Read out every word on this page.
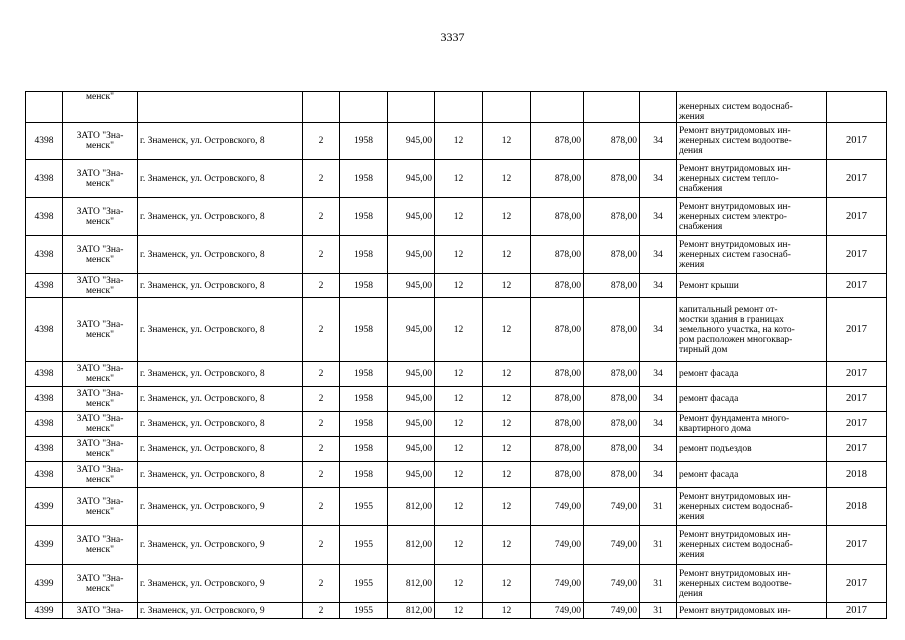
3337
	менск"										женерных систем водоснаб-
жения	
4398	ЗАТО "Зна-
менск"	г. Знаменск, ул. Островского, 8	2	1958	945,00	12	12	878,00	878,00	34	Ремонт внутридомовых ин-
женерных систем водоотве-
дения	2017
4398	ЗАТО "Зна-
менск"	г. Знаменск, ул. Островского, 8	2	1958	945,00	12	12	878,00	878,00	34	Ремонт внутридомовых ин-
женерных систем тепло-
снабжения	2017
4398	ЗАТО "Зна-
менск"	г. Знаменск, ул. Островского, 8	2	1958	945,00	12	12	878,00	878,00	34	Ремонт внутридомовых ин-
женерных систем электро-
снабжения	2017
4398	ЗАТО "Зна-
менск"	г. Знаменск, ул. Островского, 8	2	1958	945,00	12	12	878,00	878,00	34	Ремонт внутридомовых ин-
женерных систем газоснаб-
жения	2017
4398	ЗАТО "Зна-
менск"	г. Знаменск, ул. Островского, 8	2	1958	945,00	12	12	878,00	878,00	34	Ремонт крыши	2017
4398	ЗАТО "Зна-
менск"	г. Знаменск, ул. Островского, 8	2	1958	945,00	12	12	878,00	878,00	34	капитальный ремонт от-
мостки здания в границах
земельного участка, на кото-
ром расположен многоквар-
тирный дом	2017
4398	ЗАТО "Зна-
менск"	г. Знаменск, ул. Островского, 8	2	1958	945,00	12	12	878,00	878,00	34	ремонт фасада	2017
4398	ЗАТО "Зна-
менск"	г. Знаменск, ул. Островского, 8	2	1958	945,00	12	12	878,00	878,00	34	ремонт фасада	2017
4398	ЗАТО "Зна-
менск"	г. Знаменск, ул. Островского, 8	2	1958	945,00	12	12	878,00	878,00	34	Ремонт фундамента много-
квартирного дома	2017
4398	ЗАТО "Зна-
менск"	г. Знаменск, ул. Островского, 8	2	1958	945,00	12	12	878,00	878,00	34	ремонт подъездов	2017
4398	ЗАТО "Зна-
менск"	г. Знаменск, ул. Островского, 8	2	1958	945,00	12	12	878,00	878,00	34	ремонт фасада	2018
4399	ЗАТО "Зна-
менск"	г. Знаменск, ул. Островского, 9	2	1955	812,00	12	12	749,00	749,00	31	Ремонт внутридомовых ин-
женерных систем водоснаб-
жения	2018
4399	ЗАТО "Зна-
менск"	г. Знаменск, ул. Островского, 9	2	1955	812,00	12	12	749,00	749,00	31	Ремонт внутридомовых ин-
женерных систем водоснаб-
жения	2017
4399	ЗАТО "Зна-
менск"	г. Знаменск, ул. Островского, 9	2	1955	812,00	12	12	749,00	749,00	31	Ремонт внутридомовых ин-
женерных систем водоотве-
дения	2017
4399	ЗАТО "Зна-	г. Знаменск, ул. Островского, 9	2	1955	812,00	12	12	749,00	749,00	31	Ремонт внутридомовых ин-	2017
